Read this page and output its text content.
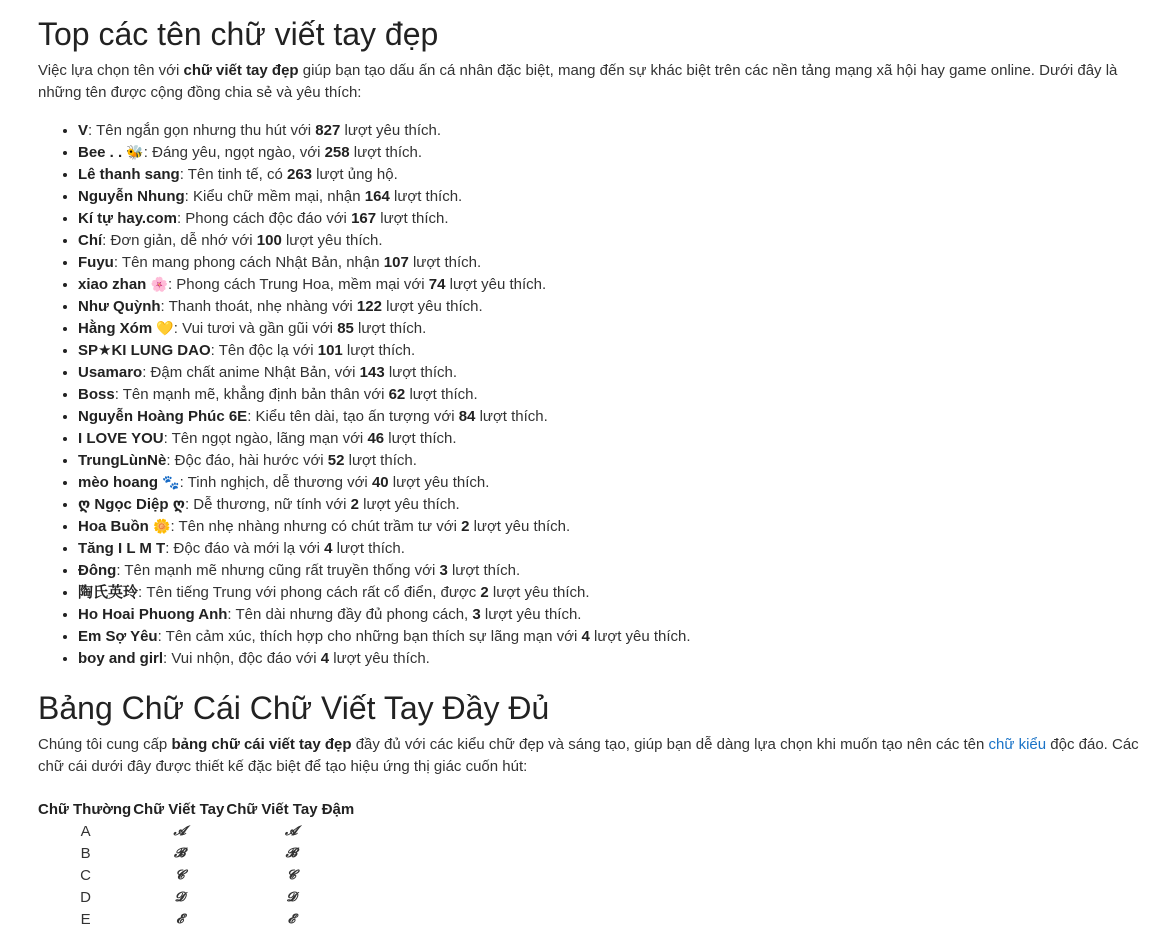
Top các tên chữ viết tay đẹp

Việc lựa chọn tên với chữ viết tay đẹp giúp bạn tạo dấu ấn cá nhân đặc biệt, mang đến sự khác biệt trên các nền tảng mạng xã hội hay game online. Dưới đây là những tên được cộng đồng chia sẻ và yêu thích:

• V: Tên ngắn gọn nhưng thu hút với 827 lượt yêu thích.
• Bee . . 🐝: Đáng yêu, ngọt ngào, với 258 lượt thích.
• Lê thanh sang: Tên tinh tế, có 263 lượt ủng hộ.
• Nguyễn Nhung: Kiểu chữ mềm mại, nhận 164 lượt thích.
• Kí tự hay.com: Phong cách độc đáo với 167 lượt thích.
• Chí: Đơn giản, dễ nhớ với 100 lượt yêu thích.
• Fuyu: Tên mang phong cách Nhật Bản, nhận 107 lượt thích.
• xiao zhan 🌸: Phong cách Trung Hoa, mềm mại với 74 lượt yêu thích.
• Như Quỳnh: Thanh thoát, nhẹ nhàng với 122 lượt yêu thích.
• Hằng Xóm 💛: Vui tươi và gần gũi với 85 lượt thích.
• SP★KI LUNG DAO: Tên độc lạ với 101 lượt thích.
• Usamaro: Đậm chất anime Nhật Bản, với 143 lượt thích.
• Boss: Tên mạnh mẽ, khẳng định bản thân với 62 lượt thích.
• Nguyễn Hoàng Phúc 6E: Kiểu tên dài, tạo ấn tượng với 84 lượt thích.
• I LOVE YOU: Tên ngọt ngào, lãng mạn với 46 lượt thích.
• TrungLùnNè: Độc đáo, hài hước với 52 lượt thích.
• mèo hoang 🐾: Tinh nghịch, dễ thương với 40 lượt yêu thích.
• ღ Ngọc Diệp ღ: Dễ thương, nữ tính với 2 lượt yêu thích.
• Hoa Buồn 🌼: Tên nhẹ nhàng nhưng có chút trầm tư với 2 lượt yêu thích.
• Tăng I L M T: Độc đáo và mới lạ với 4 lượt thích.
• Đông: Tên mạnh mẽ nhưng cũng rất truyền thống với 3 lượt thích.
• 陶氏英玲: Tên tiếng Trung với phong cách rất cổ điển, được 2 lượt yêu thích.
• Ho Hoai Phuong Anh: Tên dài nhưng đầy đủ phong cách, 3 lượt yêu thích.
• Em Sợ Yêu: Tên cảm xúc, thích hợp cho những bạn thích sự lãng mạn với 4 lượt yêu thích.
• boy and girl: Vui nhộn, độc đáo với 4 lượt yêu thích.
Bảng Chữ Cái Chữ Viết Tay Đầy Đủ

Chúng tôi cung cấp bảng chữ cái viết tay đẹp đầy đủ với các kiểu chữ đẹp và sáng tạo, giúp bạn dễ dàng lựa chọn khi muốn tạo nên các tên chữ kiểu độc đáo. Các chữ cái dưới đây được thiết kế đặc biệt để tạo hiệu ứng thị giác cuốn hút:

Chữ Thường	Chữ Viết Tay	Chữ Viết Tay Đậm
A	𝓐	𝓐
B	𝓑	𝓑
C	𝓒	𝓒
D	𝓓	𝓓
E	𝓔	𝓔
